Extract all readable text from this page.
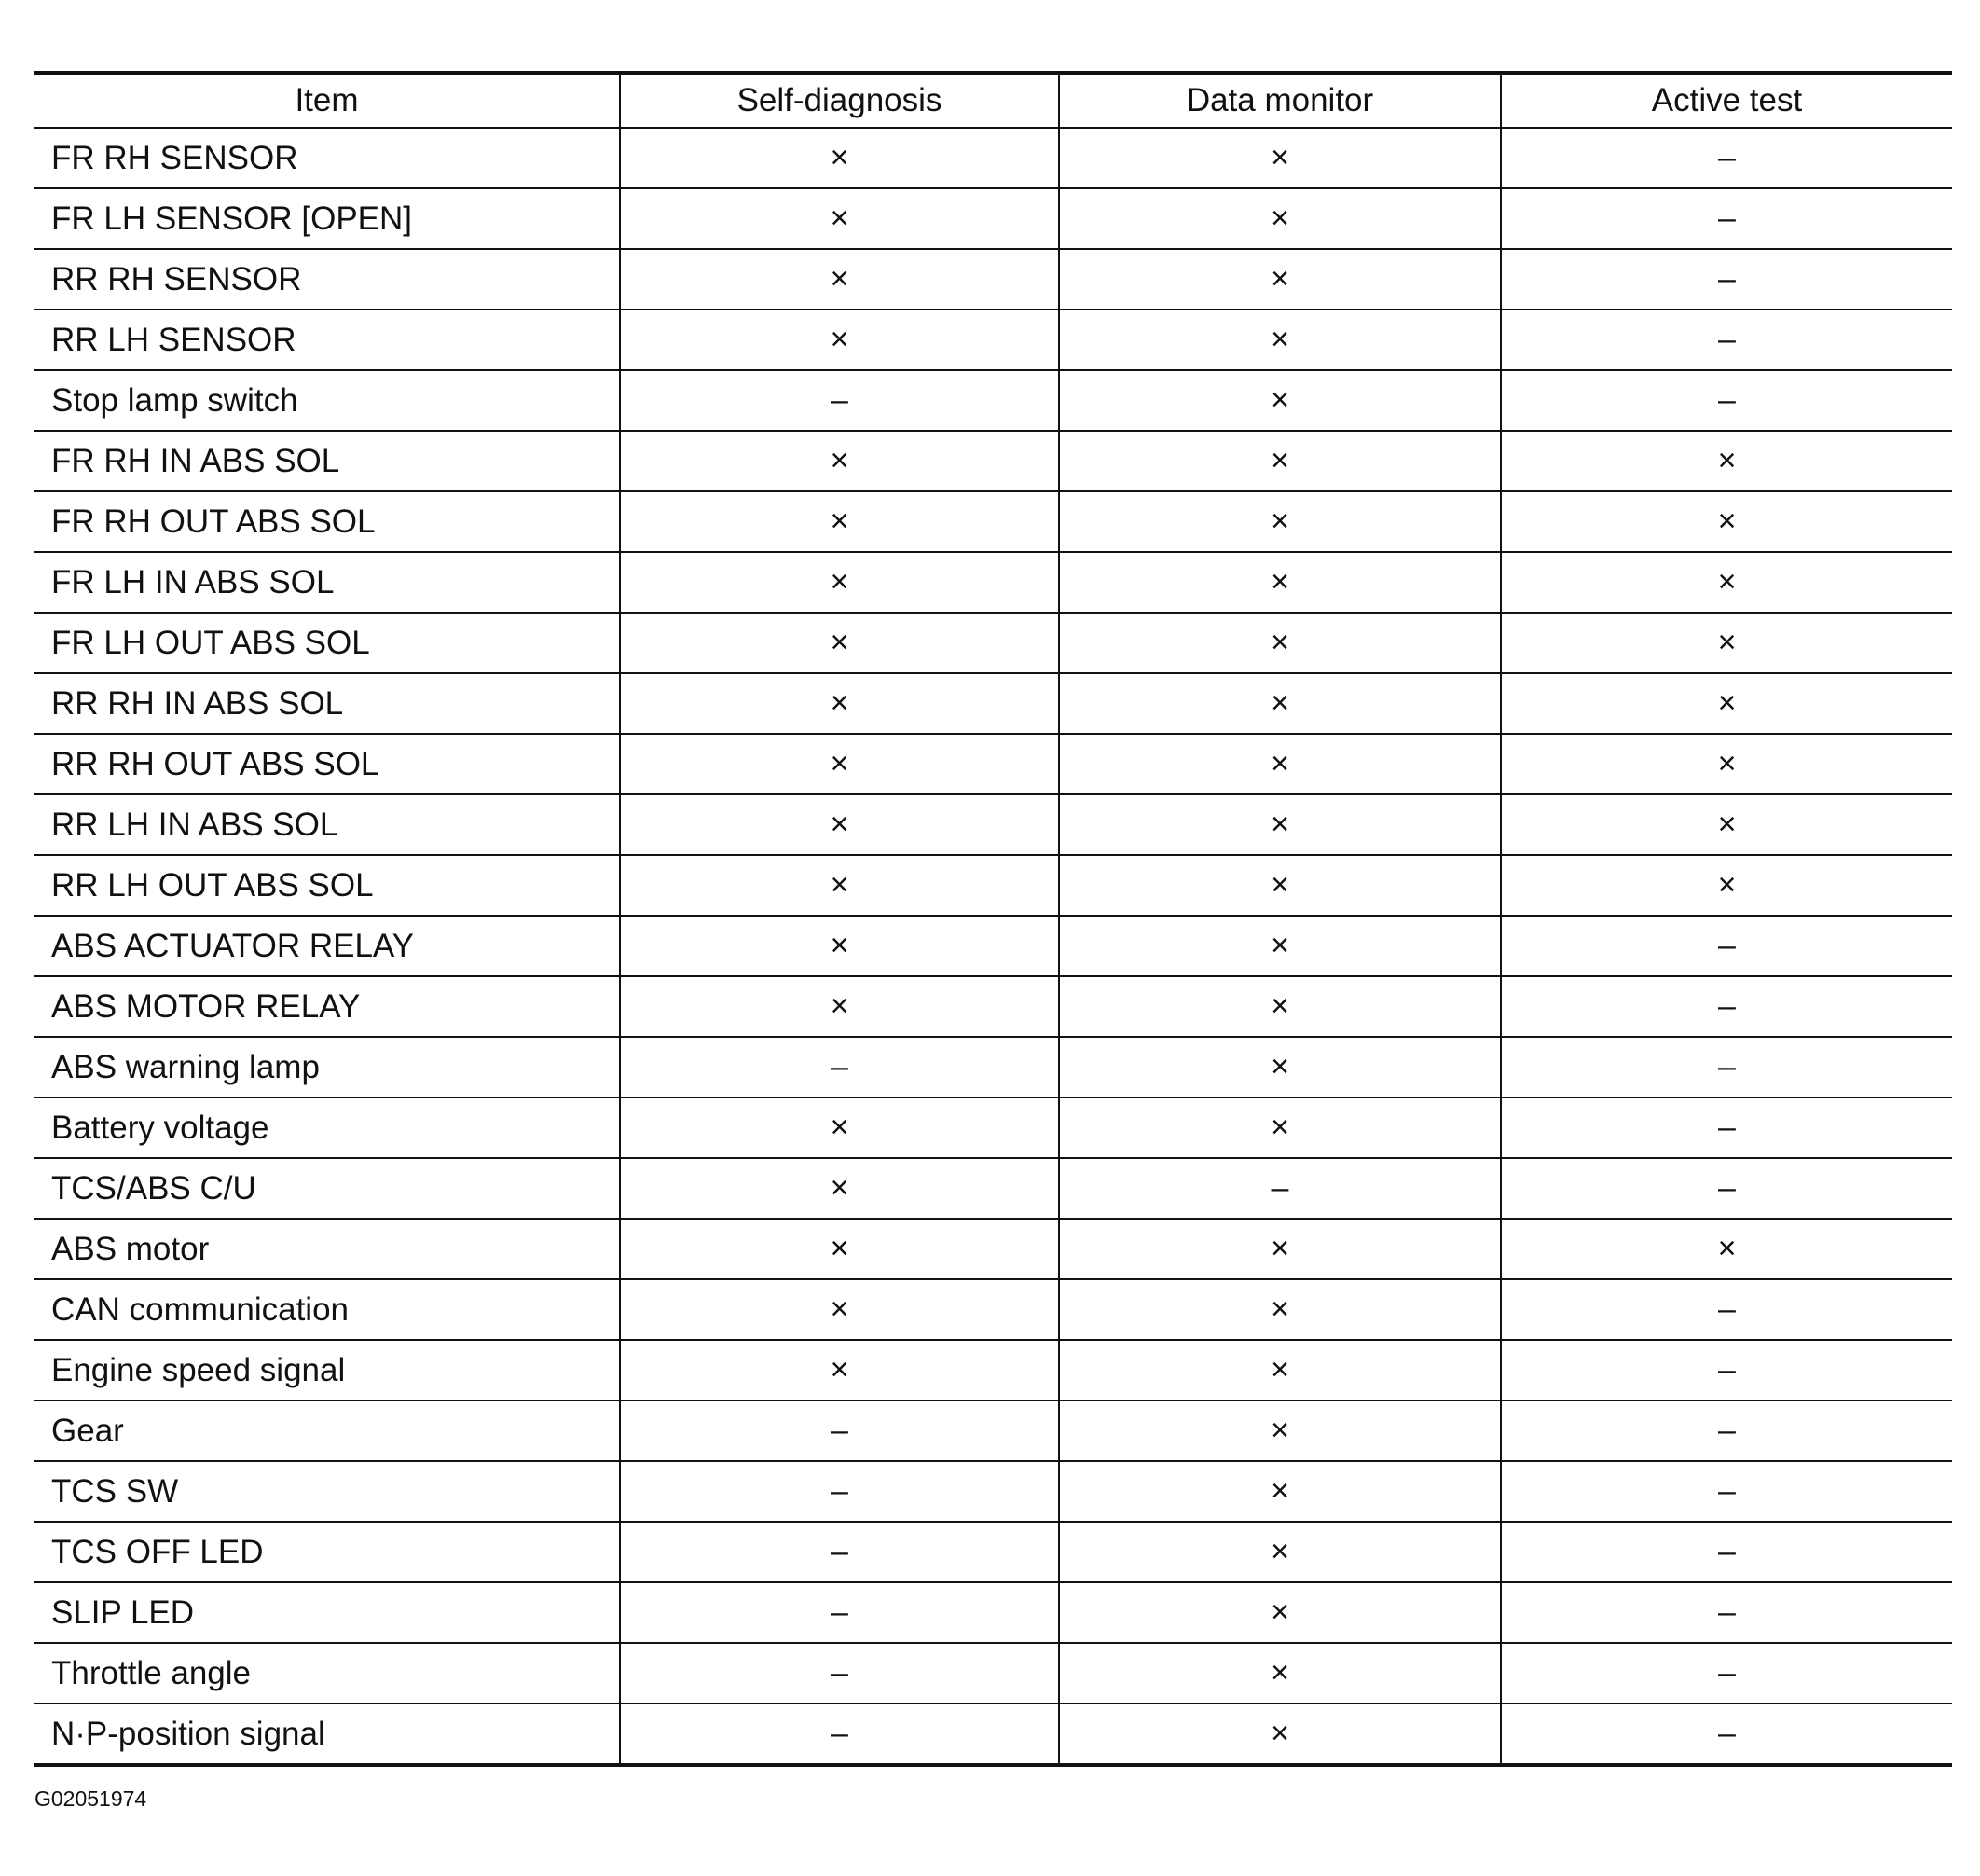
Item	Self-diagnosis	Data monitor	Active test
FR RH SENSOR	×	×	–
FR LH SENSOR [OPEN]	×	×	–
RR RH SENSOR	×	×	–
RR LH SENSOR	×	×	–
Stop lamp switch	–	×	–
FR RH IN ABS SOL	×	×	×
FR RH OUT ABS SOL	×	×	×
FR LH IN ABS SOL	×	×	×
FR LH OUT ABS SOL	×	×	×
RR RH IN ABS SOL	×	×	×
RR RH OUT ABS SOL	×	×	×
RR LH IN ABS SOL	×	×	×
RR LH OUT ABS SOL	×	×	×
ABS ACTUATOR RELAY	×	×	–
ABS MOTOR RELAY	×	×	–
ABS warning lamp	–	×	–
Battery voltage	×	×	–
TCS/ABS C/U	×	–	–
ABS motor	×	×	×
CAN communication	×	×	–
Engine speed signal	×	×	–
Gear	–	×	–
TCS SW	–	×	–
TCS OFF LED	–	×	–
SLIP LED	–	×	–
Throttle angle	–	×	–
N·P-position signal	–	×	–
G02051974
